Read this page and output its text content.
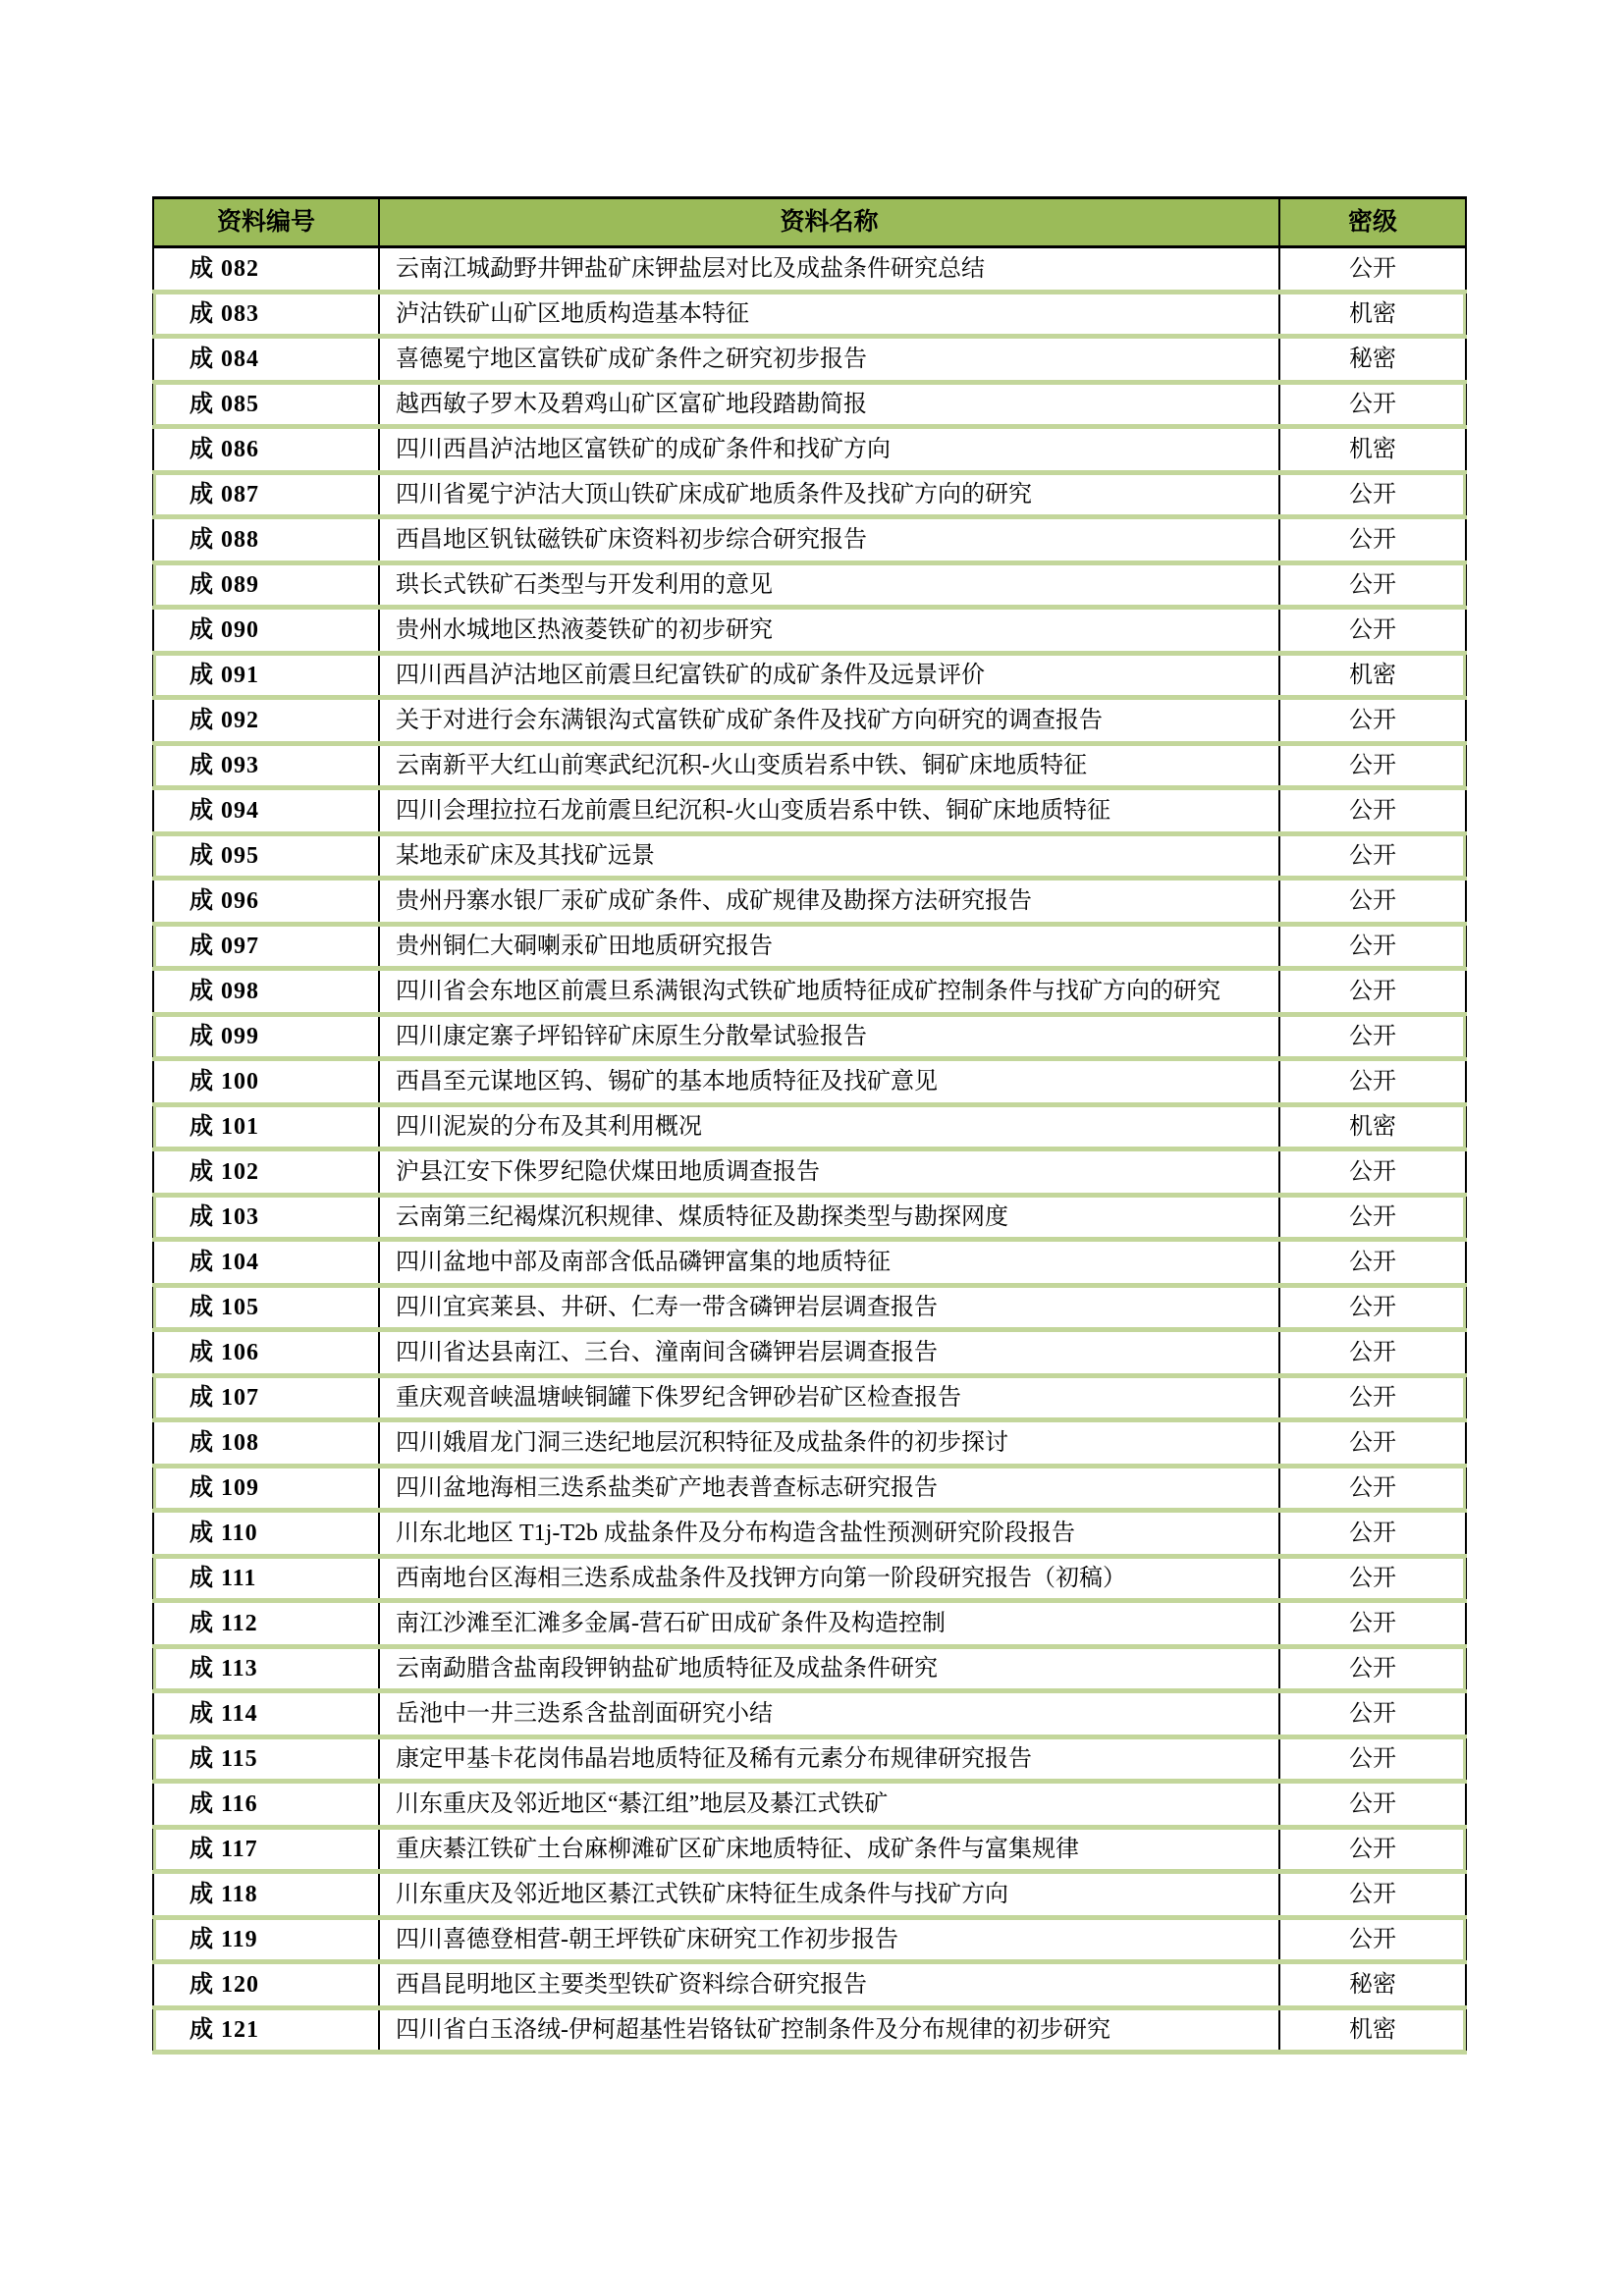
资料编号	资料名称	密级
成 082	云南江城勐野井钾盐矿床钾盐层对比及成盐条件研究总结	公开
成 083	泸沽铁矿山矿区地质构造基本特征	机密
成 084	喜德冕宁地区富铁矿成矿条件之研究初步报告	秘密
成 085	越西敏子罗木及碧鸡山矿区富矿地段踏勘简报	公开
成 086	四川西昌泸沽地区富铁矿的成矿条件和找矿方向	机密
成 087	四川省冕宁泸沽大顶山铁矿床成矿地质条件及找矿方向的研究	公开
成 088	西昌地区钒钛磁铁矿床资料初步综合研究报告	公开
成 089	珙长式铁矿石类型与开发利用的意见	公开
成 090	贵州水城地区热液菱铁矿的初步研究	公开
成 091	四川西昌泸沽地区前震旦纪富铁矿的成矿条件及远景评价	机密
成 092	关于对进行会东满银沟式富铁矿成矿条件及找矿方向研究的调查报告	公开
成 093	云南新平大红山前寒武纪沉积-火山变质岩系中铁、铜矿床地质特征	公开
成 094	四川会理拉拉石龙前震旦纪沉积-火山变质岩系中铁、铜矿床地质特征	公开
成 095	某地汞矿床及其找矿远景	公开
成 096	贵州丹寨水银厂汞矿成矿条件、成矿规律及勘探方法研究报告	公开
成 097	贵州铜仁大硐喇汞矿田地质研究报告	公开
成 098	四川省会东地区前震旦系满银沟式铁矿地质特征成矿控制条件与找矿方向的研究	公开
成 099	四川康定寨子坪铅锌矿床原生分散晕试验报告	公开
成 100	西昌至元谋地区钨、锡矿的基本地质特征及找矿意见	公开
成 101	四川泥炭的分布及其利用概况	机密
成 102	沪县江安下侏罗纪隐伏煤田地质调查报告	公开
成 103	云南第三纪褐煤沉积规律、煤质特征及勘探类型与勘探网度	公开
成 104	四川盆地中部及南部含低品磷钾富集的地质特征	公开
成 105	四川宜宾莱县、井研、仁寿一带含磷钾岩层调查报告	公开
成 106	四川省达县南江、三台、潼南间含磷钾岩层调查报告	公开
成 107	重庆观音峡温塘峡铜罐下侏罗纪含钾砂岩矿区检查报告	公开
成 108	四川娥眉龙门洞三迭纪地层沉积特征及成盐条件的初步探讨	公开
成 109	四川盆地海相三迭系盐类矿产地表普查标志研究报告	公开
成 110	川东北地区 T1j-T2b 成盐条件及分布构造含盐性预测研究阶段报告	公开
成 111	西南地台区海相三迭系成盐条件及找钾方向第一阶段研究报告（初稿）	公开
成 112	南江沙滩至汇滩多金属-营石矿田成矿条件及构造控制	公开
成 113	云南勐腊含盐南段钾钠盐矿地质特征及成盐条件研究	公开
成 114	岳池中一井三迭系含盐剖面研究小结	公开
成 115	康定甲基卡花岗伟晶岩地质特征及稀有元素分布规律研究报告	公开
成 116	川东重庆及邻近地区“綦江组”地层及綦江式铁矿	公开
成 117	重庆綦江铁矿土台麻柳滩矿区矿床地质特征、成矿条件与富集规律	公开
成 118	川东重庆及邻近地区綦江式铁矿床特征生成条件与找矿方向	公开
成 119	四川喜德登相营-朝王坪铁矿床研究工作初步报告	公开
成 120	西昌昆明地区主要类型铁矿资料综合研究报告	秘密
成 121	四川省白玉洛绒-伊柯超基性岩铬钛矿控制条件及分布规律的初步研究	机密
